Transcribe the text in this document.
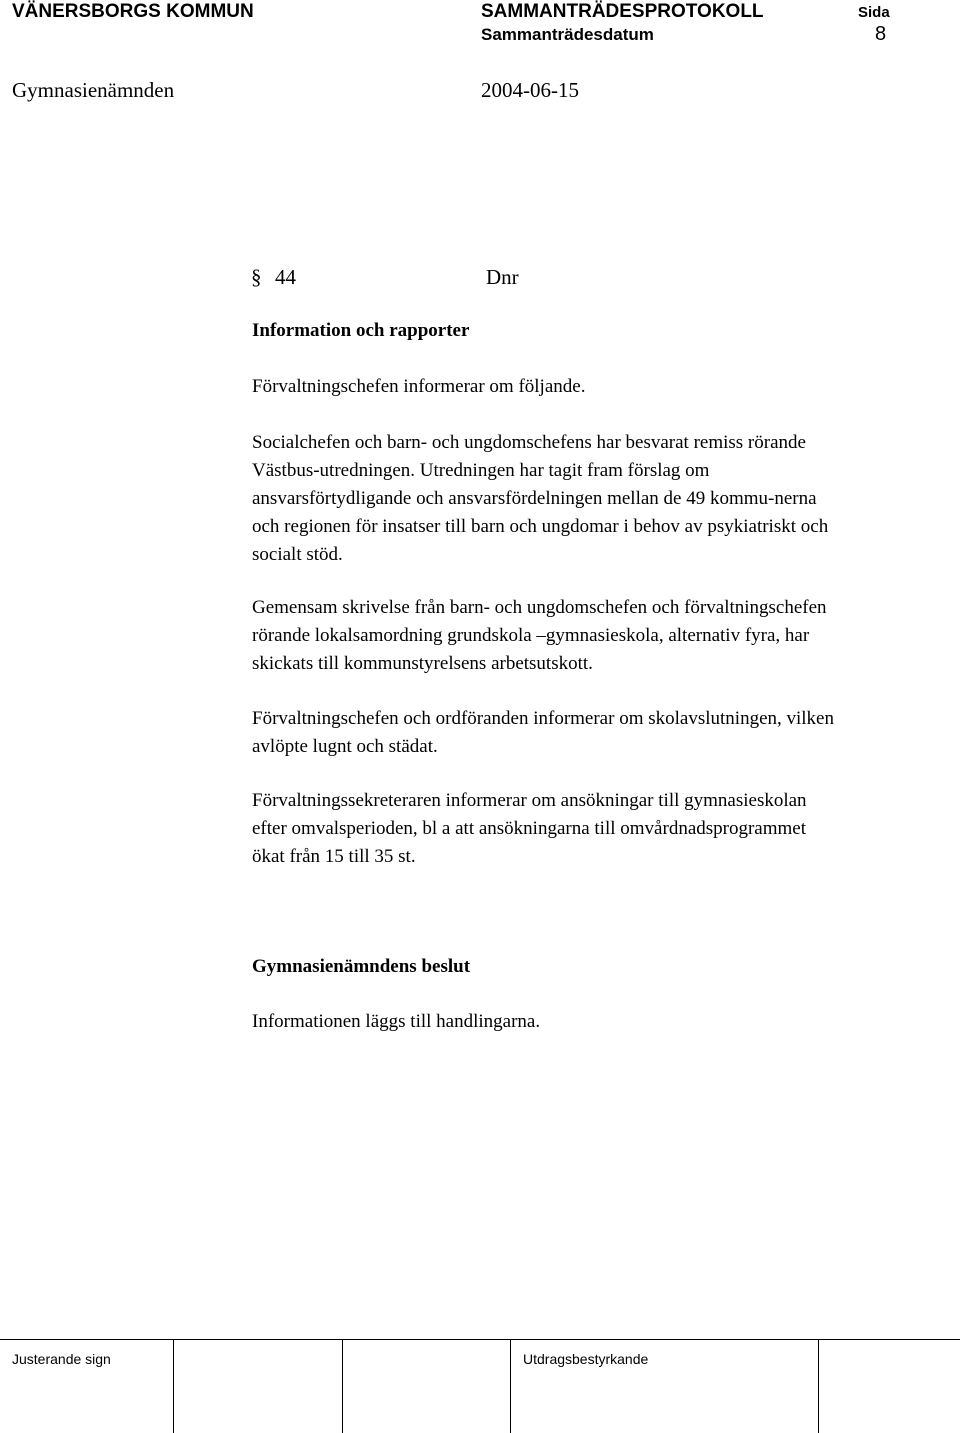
VÄNERSBORGS KOMMUN	SAMMANTRÄDESPROTOKOLL	Sida
Sammanträdesdatum	8
Gymnasienämnden	2004-06-15
§ 44	Dnr
Information och rapporter

Förvaltningschefen informerar om följande.

Socialchefen och barn- och ungdomschefens har besvarat remiss rörande

Västbus-utredningen. Utredningen har tagit fram förslag om

ansvarsförtydligande och ansvarsfördelningen mellan de 49 kommu-nerna

och regionen för insatser till barn och ungdomar i behov av psykiatriskt och

socialt stöd.

Gemensam skrivelse från barn- och ungdomschefen och förvaltningschefen

rörande lokalsamordning grundskola –gymnasieskola, alternativ fyra, har

skickats till kommunstyrelsens arbetsutskott.

Förvaltningschefen och ordföranden informerar om skolavslutningen, vilken

avlöpte lugnt och städat.

Förvaltningssekreteraren informerar om ansökningar till gymnasieskolan

efter omvalsperioden, bl a att ansökningarna till omvårdnadsprogrammet

ökat från 15 till 35 st.

Gymnasienämndens beslut
Informationen läggs till handlingarna.
Justerande sign	Utdragsbestyrkande
